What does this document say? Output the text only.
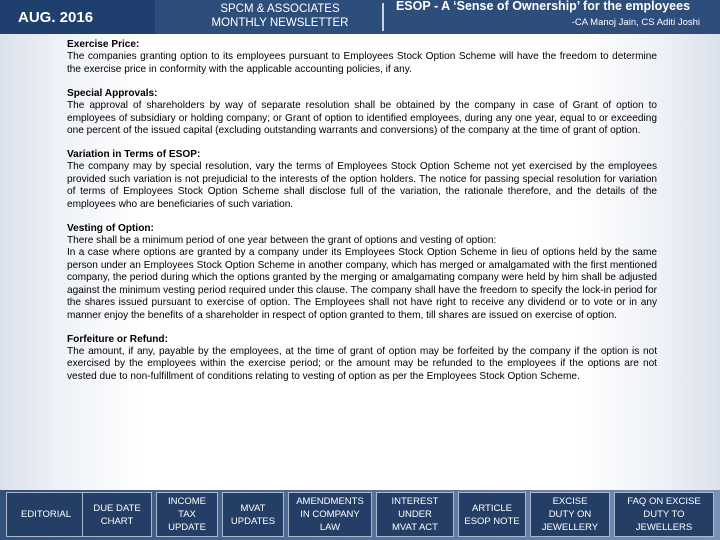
AUG. 2016	SPCM & ASSOCIATES
MONTHLY NEWSLETTER
ESOP - A ‘Sense of Ownership’ for the employees
-CA Manoj Jain, CS Aditi Joshi
Exercise Price:

The companies granting option to its employees pursuant to Employees Stock Option Scheme will have the freedom to determine the exercise price in conformity with the applicable accounting policies, if any.

Special Approvals:

The approval of shareholders by way of separate resolution shall be obtained by the company in case of Grant of option to employees of subsidiary or holding company; or Grant of option to identified employees, during any one year, equal to or exceeding one percent of the issued capital (excluding outstanding warrants and conversions) of the company at the time of grant of option.

Variation in Terms of ESOP:

The company may by special resolution, vary the terms of Employees Stock Option Scheme not yet exercised by the employees provided such variation is not prejudicial to the interests of the option holders. The notice for passing special resolution for variation of terms of Employees Stock Option Scheme shall disclose full of the variation, the rationale therefore, and the details of the employees who are beneficiaries of such variation.

Vesting of Option:

There shall be a minimum period of one year between the grant of options and vesting of option:

In a case where options are granted by a company under its Employees Stock Option Scheme in lieu of options held by the same person under an Employees Stock Option Scheme in another company, which has merged or amalgamated with the first mentioned company, the period during which the options granted by the merging or amalgamating company were held by him shall be adjusted against the minimum vesting period required under this clause. The company shall have the freedom to specify the lock-in period for the shares issued pursuant to exercise of option. The Employees shall not have right to receive any dividend or to vote or in any manner enjoy the benefits of a shareholder in respect of option granted to them, till shares are issued on exercise of option.

Forfeiture or Refund:

The amount, if any, payable by the employees, at the time of grant of option may be forfeited by the company if the option is not exercised by the employees within the exercise period; or the amount may be refunded to the employees if the options are not vested due to non-fulfillment of conditions relating to vesting of option as per the Employees Stock Option Scheme.

EDITORIAL
DUE DATE
CHART
INCOME
TAX
UPDATE
MVAT
UPDATES
AMENDMENTS
IN COMPANY
LAW
INTEREST
UNDER
MVAT ACT
ARTICLE
ESOP NOTE
EXCISE
DUTY ON
JEWELLERY
FAQ ON EXCISE
DUTY TO
JEWELLERS
